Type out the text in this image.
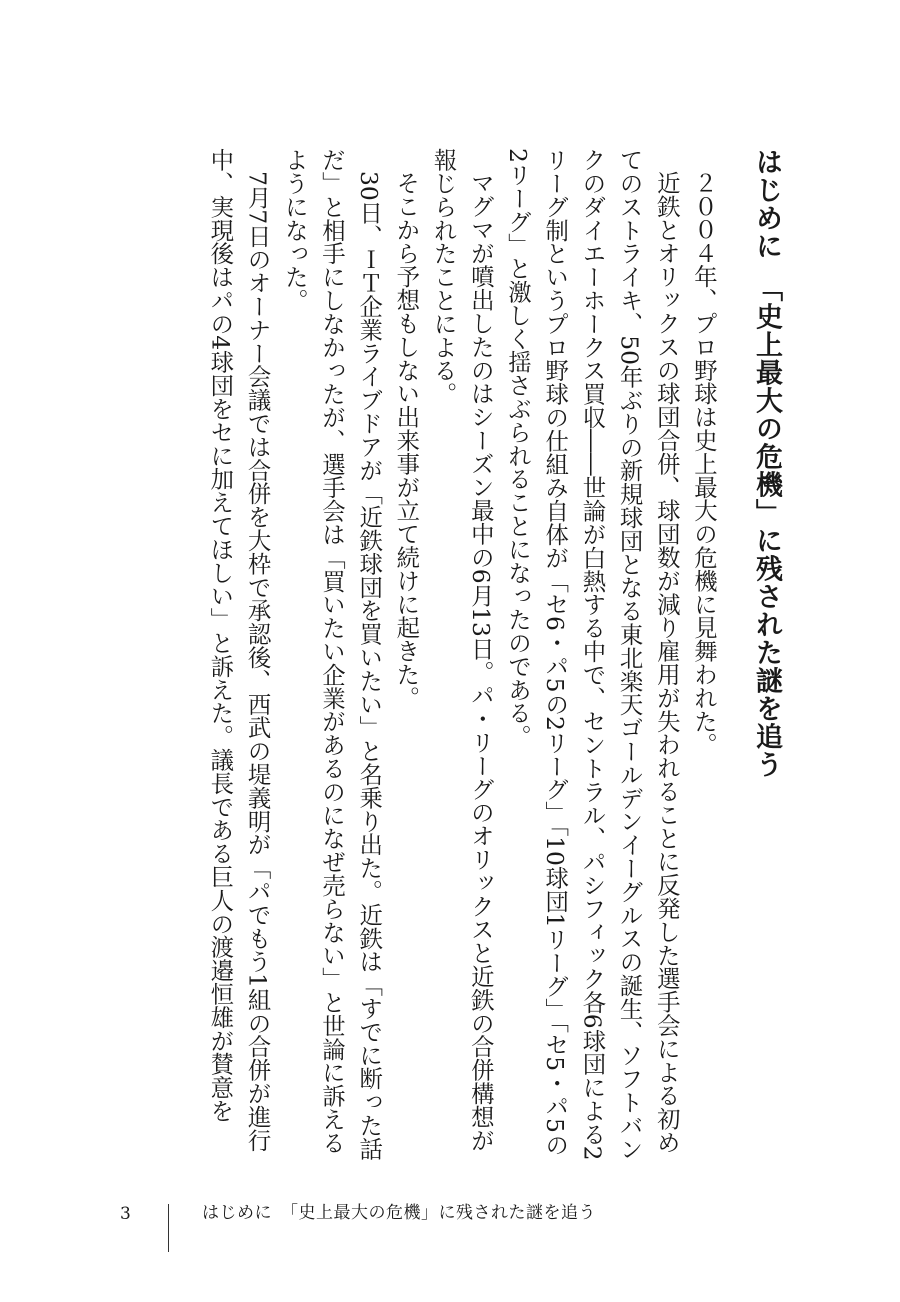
はじめに　「史上最大の危機」に残された謎を追う

２００４年、プロ野球は史上最大の危機に見舞われた。

近鉄とオリックスの球団合併、球団数が減り雇用が失われることに反発した選手会による初めてのストライキ、50年ぶりの新規球団となる東北楽天ゴールデンイーグルスの誕生、ソフトバンクのダイエーホークス買収――世論が白熱する中で、セントラル、パシフィック各6球団による2リーグ制というプロ野球の仕組み自体が「セ6・パ5の2リーグ」「10球団1リーグ」「セ5・パ5の2リーグ」と激しく揺さぶられることになったのである。

マグマが噴出したのはシーズン最中の6月13日。パ・リーグのオリックスと近鉄の合併構想が報じられたことによる。

そこから予想もしない出来事が立て続けに起きた。

30日、ＩＴ企業ライブドアが「近鉄球団を買いたい」と名乗り出た。近鉄は「すでに断った話だ」と相手にしなかったが、選手会は「買いたい企業があるのになぜ売らない」と世論に訴えるようになった。

7月7日のオーナー会議では合併を大枠で承認後、西武の堤義明が「パでもう1組の合併が進行中、実現後はパの4球団をセに加えてほしい」と訴えた。議長である巨人の渡邉恒雄が賛意を

3	はじめに　「史上最大の危機」に残された謎を追う
